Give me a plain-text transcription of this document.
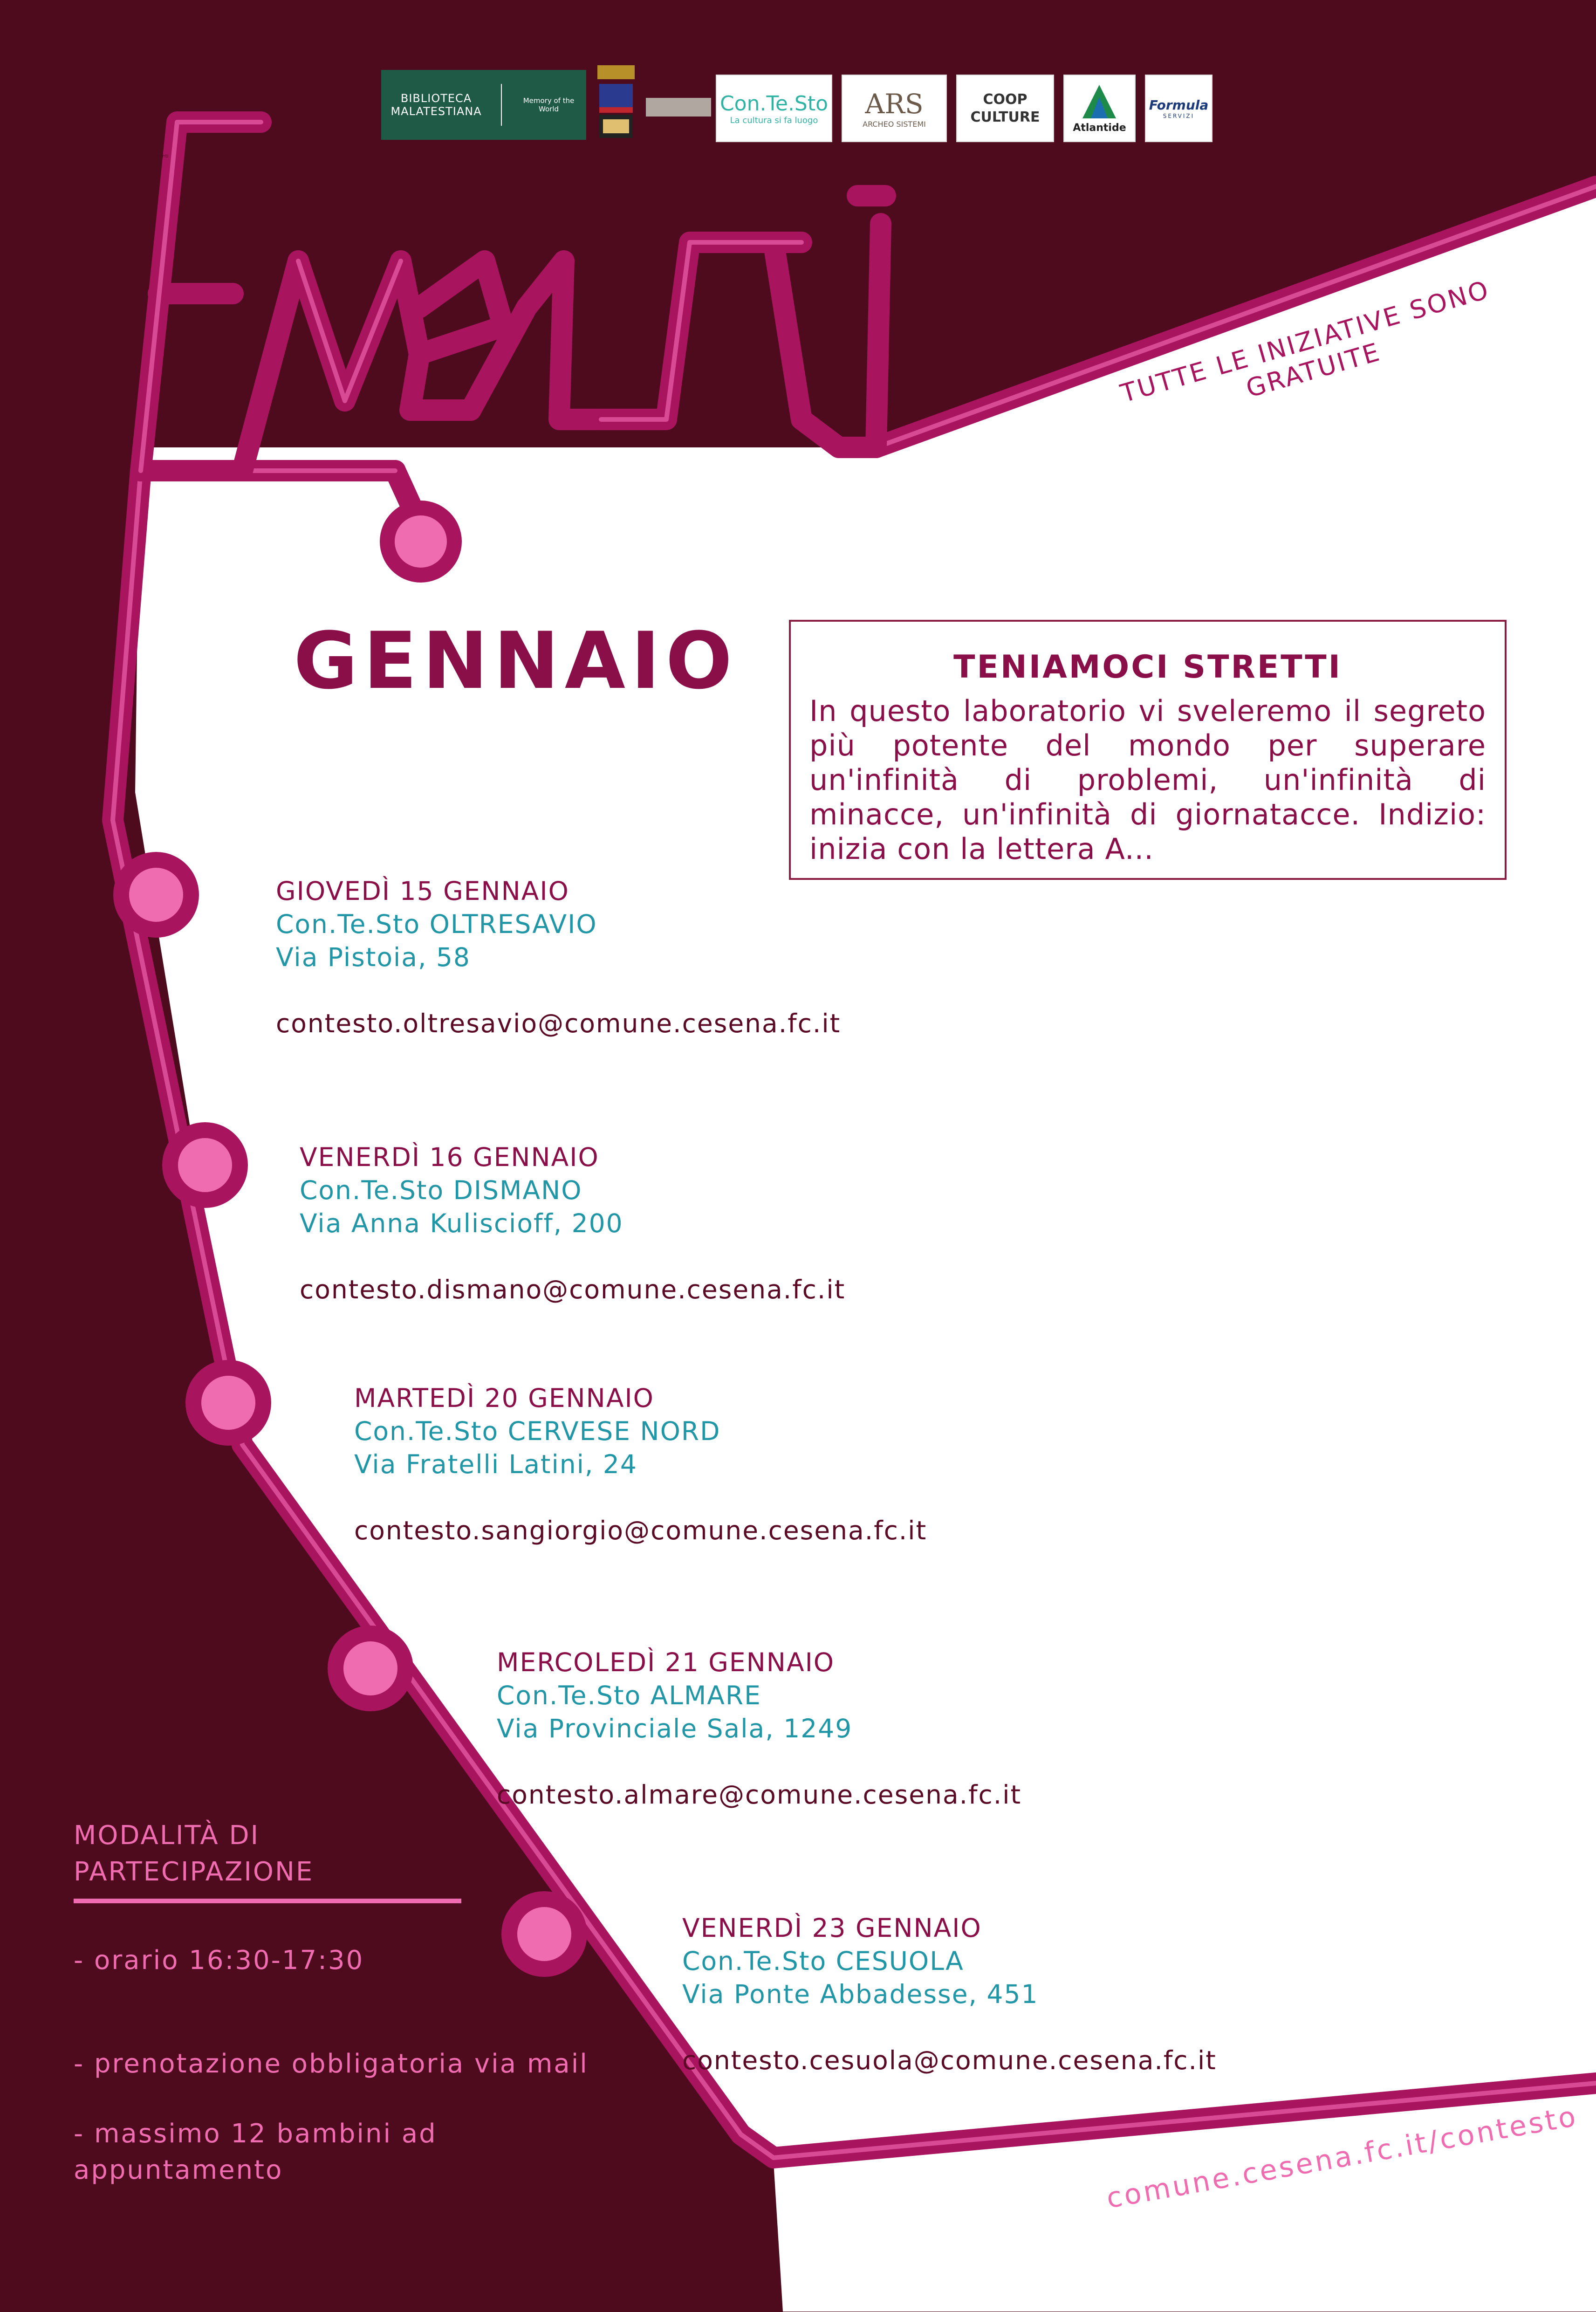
BIBLIOTECA
MALATESTIANA
Memory of the World	Con.Te.Sto
La cultura si fa luogo
ARS
ARCHEO SISTEMI
COOP
CULTURE
Atlantide
Formula
SERVIZI
Eventi
TUTTE LE INIZIATIVE SONO GRATUITE
GENNAIO	TENIAMOCI STRETTI
In questo laboratorio vi sveleremo il segreto più potente del mondo per superare un'infinità di problemi, un'infinità di minacce, un'infinità di giornatacce. Indizio: inizia con la lettera A...
GIOVEDÌ 15 GENNAIO
Con.Te.Sto OLTRESAVIO
Via Pistoia, 58
contesto.oltresavio@comune.cesena.fc.it
VENERDÌ 16 GENNAIO
Con.Te.Sto DISMANO
Via Anna Kuliscioff, 200
contesto.dismano@comune.cesena.fc.it
MARTEDÌ 20 GENNAIO
Con.Te.Sto CERVESE NORD
Via Fratelli Latini, 24
contesto.sangiorgio@comune.cesena.fc.it
MERCOLEDÌ 21 GENNAIO
Con.Te.Sto ALMARE
Via Provinciale Sala, 1249
contesto.almare@comune.cesena.fc.it
VENERDÌ 23 GENNAIO
Con.Te.Sto CESUOLA
Via Ponte Abbadesse, 451
contesto.cesuola@comune.cesena.fc.it
MODALITÀ DI PARTECIPAZIONE
- orario 16:30-17:30
- prenotazione obbligatoria via mail
- massimo 12 bambini ad
appuntamento	comune.cesena.fc.it/contesto
